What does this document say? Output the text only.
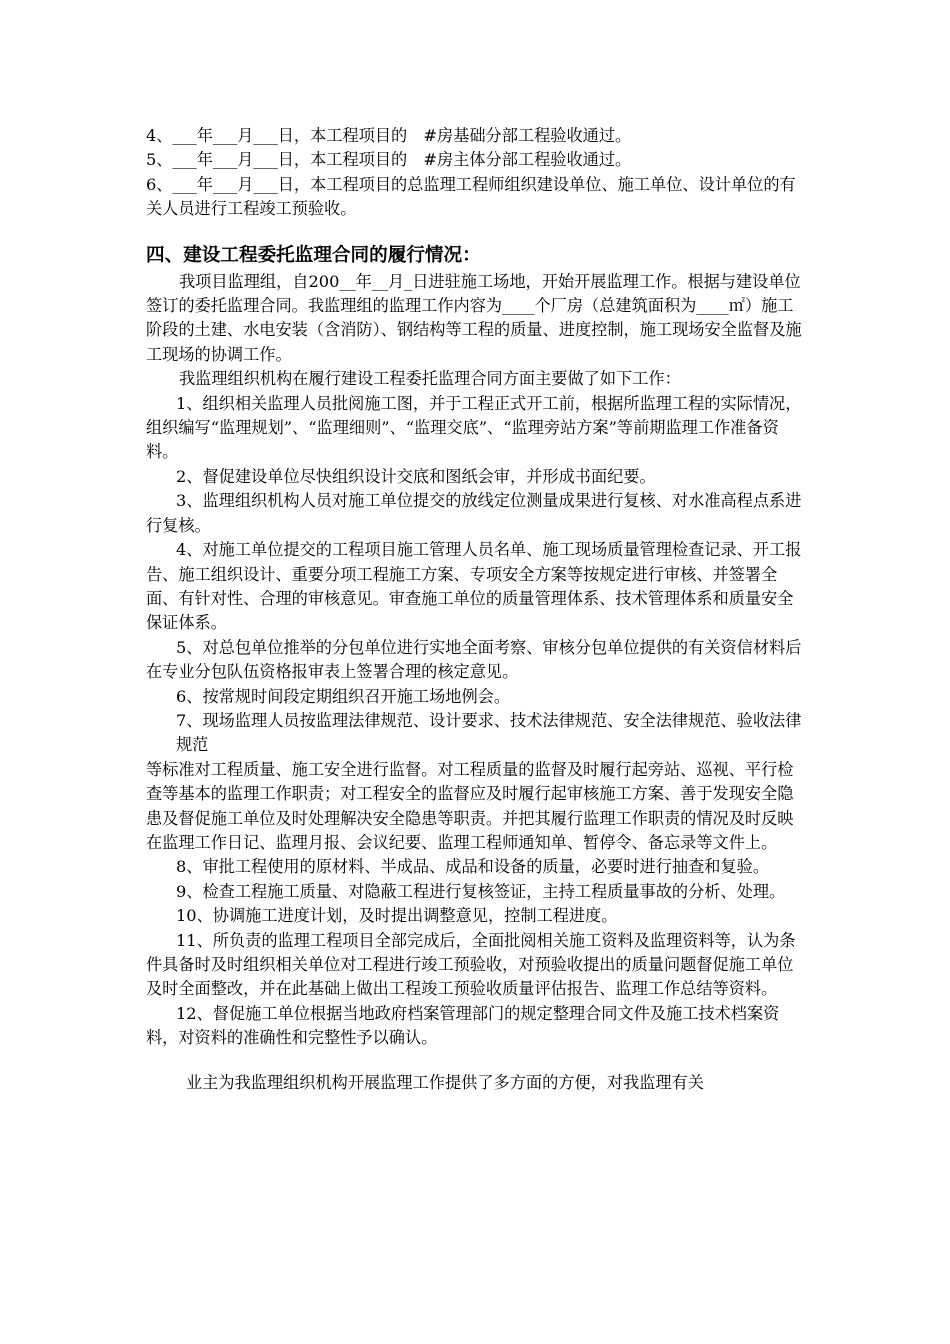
4、___年___月___日，本工程项目的　#房基础分部工程验收通过。

5、___年___月___日，本工程项目的　#房主体分部工程验收通过。

6、___年___月___日，本工程项目的总监理工程师组织建设单位、施工单位、设计单位的有关人员进行工程竣工预验收。

四、建设工程委托监理合同的履行情况：

我项目监理组，自200__年__月_日进驻施工场地，开始开展监理工作。根据与建设单位签订的委托监理合同。我监理组的监理工作内容为____个厂房（总建筑面积为____㎡）施工阶段的土建、水电安装（含消防）、钢结构等工程的质量、进度控制，施工现场安全监督及施工现场的协调工作。

我监理组织机构在履行建设工程委托监理合同方面主要做了如下工作：

1、组织相关监理人员批阅施工图，并于工程正式开工前，根据所监理工程的实际情况，组织编写“监理规划”、“监理细则”、“监理交底”、“监理旁站方案”等前期监理工作准备资料。

2、督促建设单位尽快组织设计交底和图纸会审，并形成书面纪要。

3、监理组织机构人员对施工单位提交的放线定位测量成果进行复核、对水准高程点系进行复核。

4、对施工单位提交的工程项目施工管理人员名单、施工现场质量管理检查记录、开工报告、施工组织设计、重要分项工程施工方案、专项安全方案等按规定进行审核、并签署全面、有针对性、合理的审核意见。审查施工单位的质量管理体系、技术管理体系和质量安全保证体系。

5、对总包单位推举的分包单位进行实地全面考察、审核分包单位提供的有关资信材料后在专业分包队伍资格报审表上签署合理的核定意见。

6、按常规时间段定期组织召开施工场地例会。

7、现场监理人员按监理法律规范、设计要求、技术法律规范、安全法律规范、验收法律规范

等标准对工程质量、施工安全进行监督。对工程质量的监督及时履行起旁站、巡视、平行检查等基本的监理工作职责；对工程安全的监督应及时履行起审核施工方案、善于发现安全隐患及督促施工单位及时处理解决安全隐患等职责。并把其履行监理工作职责的情况及时反映在监理工作日记、监理月报、会议纪要、监理工程师通知单、暂停令、备忘录等文件上。

8、审批工程使用的原材料、半成品、成品和设备的质量，必要时进行抽查和复验。

9、检查工程施工质量、对隐蔽工程进行复核签证，主持工程质量事故的分析、处理。

10、协调施工进度计划，及时提出调整意见，控制工程进度。

11、所负责的监理工程项目全部完成后，全面批阅相关施工资料及监理资料等，认为条件具备时及时组织相关单位对工程进行竣工预验收，对预验收提出的质量问题督促施工单位及时全面整改，并在此基础上做出工程竣工预验收质量评估报告、监理工作总结等资料。

12、督促施工单位根据当地政府档案管理部门的规定整理合同文件及施工技术档案资料，对资料的准确性和完整性予以确认。

业主为我监理组织机构开展监理工作提供了多方面的方便，对我监理有关
